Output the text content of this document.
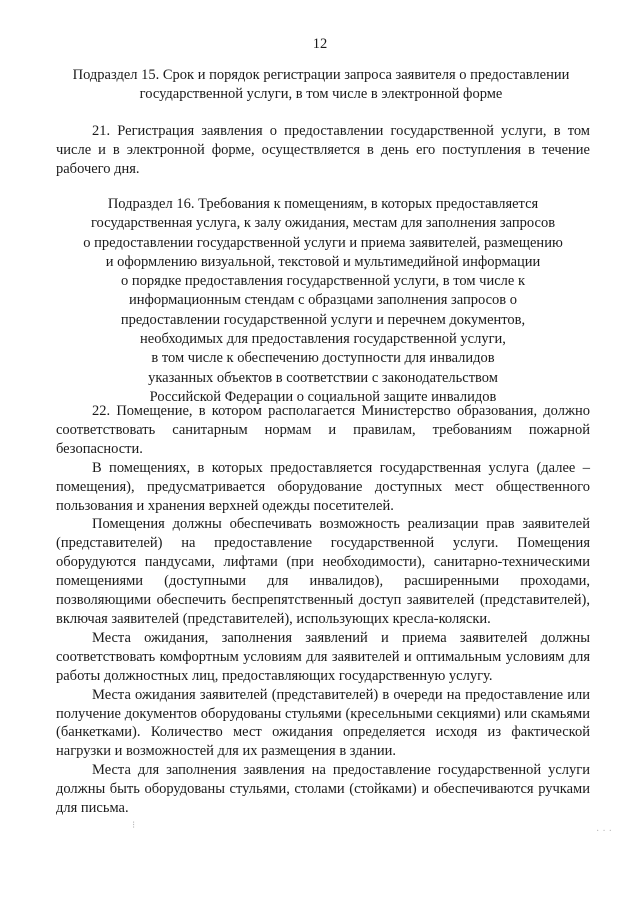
12
Подраздел 15. Срок и порядок регистрации запроса заявителя о предоставлении
государственной услуги, в том числе в электронной форме

21. Регистрация заявления о предоставлении государственной услуги, в том числе и в электронной форме, осуществляется в день его поступления в течение рабочего дня.

Подраздел 16. Требования к помещениям, в которых предоставляется
государственная услуга, к залу ожидания, местам для заполнения запросов
о предоставлении государственной услуги и приема заявителей, размещению
и оформлению визуальной, текстовой и мультимедийной информации
о порядке предоставления государственной услуги, в том числе к
информационным стендам с образцами заполнения запросов о
предоставлении государственной услуги и перечнем документов,
необходимых для предоставления государственной услуги,
в том числе к обеспечению доступности для инвалидов
указанных объектов в соответствии с законодательством
Российской Федерации о социальной защите инвалидов

22. Помещение, в котором располагается Министерство образования, должно соответствовать санитарным нормам и правилам, требованиям пожарной безопасности.

В помещениях, в которых предоставляется государственная услуга (далее – помещения), предусматривается оборудование доступных мест общественного пользования и хранения верхней одежды посетителей.

Помещения должны обеспечивать возможность реализации прав заявителей (представителей) на предоставление государственной услуги. Помещения оборудуются пандусами, лифтами (при необходимости), санитарно-техническими помещениями (доступными для инвалидов), расширенными проходами, позволяющими обеспечить беспрепятственный доступ заявителей (представителей), включая заявителей (представителей), использующих кресла-коляски.

Места ожидания, заполнения заявлений и приема заявителей должны соответствовать комфортным условиям для заявителей и оптимальным условиям для работы должностных лиц, предоставляющих государственную услугу.

Места ожидания заявителей (представителей) в очереди на предоставление или получение документов оборудованы стульями (кресельными секциями) или скамьями (банкетками). Количество мест ожидания определяется исходя из фактической нагрузки и возможностей для их размещения в здании.

Места для заполнения заявления на предоставление государственной услуги должны быть оборудованы стульями, столами (стойками) и обеспечиваются ручками для письма.

⁝
···
